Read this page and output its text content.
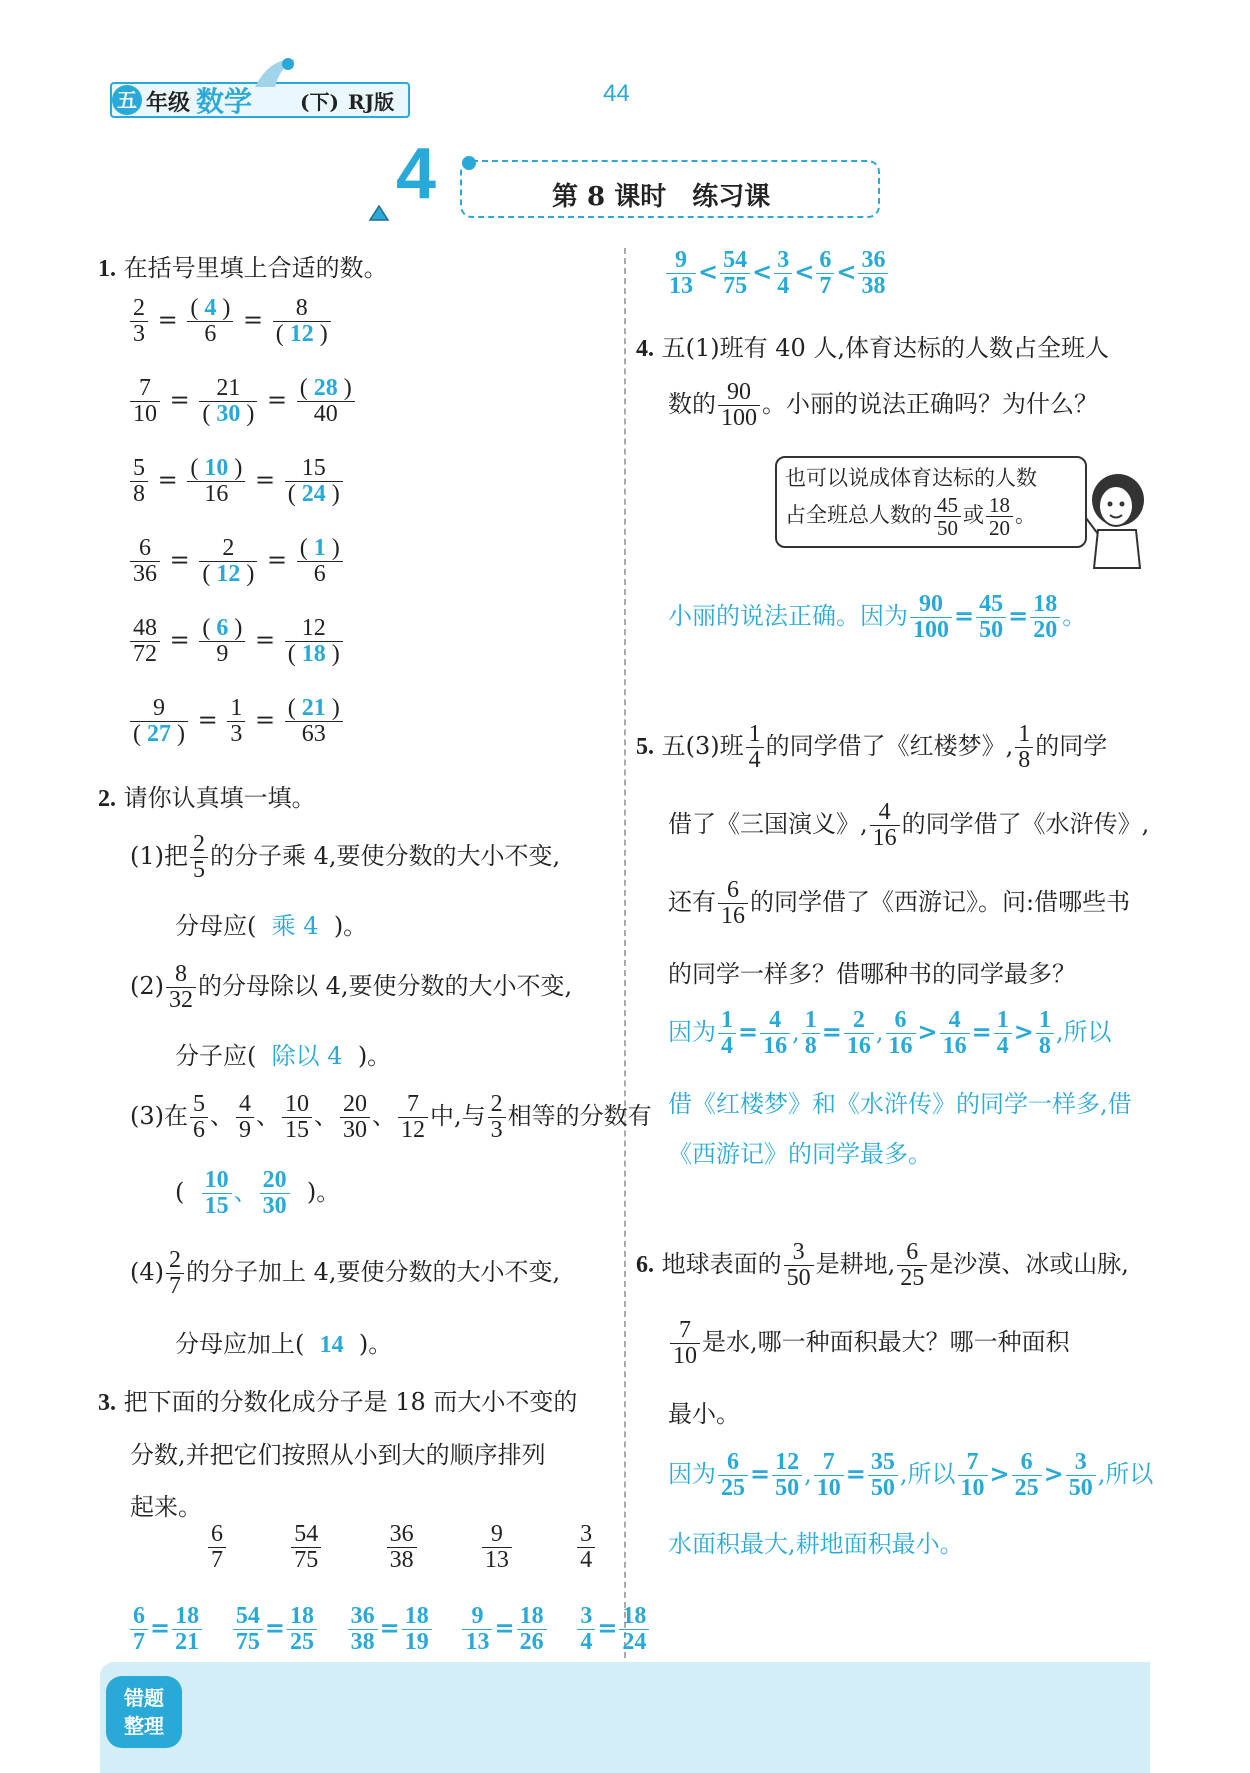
五 年级 数学 (下) RJ版	44
4	第 8 课时　练习课
1. 在括号里填上合适的数。
$\frac{2}{3} = \frac{( 4 )}{6} = \frac{8}{( 12 )}$
$\frac{7}{10} = \frac{21}{( 30 )} = \frac{( 28 )}{40}$
$\frac{5}{8} = \frac{( 10 )}{16} = \frac{15}{( 24 )}$
$\frac{6}{36} = \frac{2}{( 12 )} = \frac{( 1 )}{6}$
$\frac{48}{72} = \frac{( 6 )}{9} = \frac{12}{( 18 )}$
$\frac{9}{( 27 )} = \frac{1}{3} = \frac{( 21 )}{63}$
2. 请你认真填一填。
(1)把 $\frac{2}{5}$ 的分子乘 4,要使分数的大小不变,
分母应( 乘 4 )。
$(2) \frac{8}{32}$ 的分母除以 4,要使分数的大小不变,
分子应( 除以 4 )。
(3)在 $\frac{5}{6}$ 、 $\frac{4}{9}$ 、 $\frac{10}{15}$ 、 $\frac{20}{30}$ 、 $\frac{7}{12}$ 中,与 $\frac{2}{3}$ 相等的分数有
( $\frac{10}{15}$ 、 $\frac{20}{30}$ )。
$(4) \frac{2}{7}$ 的分子加上 4,要使分数的大小不变,
分母应加上( 14 )。
3. 把下面的分数化成分子是 18 而大小不变的
分数,并把它们按照从小到大的顺序排列
起来。
$\frac{6}{7}$
	$\frac{54}{75}$
	$\frac{36}{38}$
	$\frac{9}{13}$
	$\frac{3}{4}$
$\frac{6}{7} = \frac{18}{21}$
$\frac{54}{75} = \frac{18}{25}$
$\frac{36}{38} = \frac{18}{19}$
$\frac{9}{13} = \frac{18}{26}$
$\frac{3}{4} = \frac{18}{24}$
$\frac{9}{13} < \frac{54}{75} < \frac{3}{4} < \frac{6}{7} < \frac{36}{38}$
4. 五(1)班有 40 人,体育达标的人数占全班人
数的 $\frac{90}{100}$ 。小丽的说法正确吗？为什么？
也可以说成体育达标的人数
占全班总人数的 $\frac{45}{50}$ 或 $\frac{18}{20}$ 。
小丽的说法正确。因为 $\frac{90}{100} = \frac{45}{50} = \frac{18}{20}$ 。
5. 五(3)班 $\frac{1}{4}$ 的同学借了《红楼梦》, $\frac{1}{8}$ 的同学
借了《三国演义》, $\frac{4}{16}$ 的同学借了《水浒传》,
还有 $\frac{6}{16}$ 的同学借了《西游记》。问:借哪些书
的同学一样多？借哪种书的同学最多？
因为 $\frac{1}{4} = \frac{4}{16}$ , $\frac{1}{8} = \frac{2}{16}$ , $\frac{6}{16} > \frac{4}{16} = \frac{1}{4} > \frac{1}{8}$ ,所以
借《红楼梦》和《水浒传》的同学一样多,借
《西游记》的同学最多。
6. 地球表面的 $\frac{3}{50}$ 是耕地, $\frac{6}{25}$ 是沙漠、冰或山脉,
$\frac{7}{10}$ 是水,哪一种面积最大？哪一种面积
最小。
因为 $\frac{6}{25} = \frac{12}{50}$ , $\frac{7}{10} = \frac{35}{50}$ ,所以 $\frac{7}{10} > \frac{6}{25} > \frac{3}{50}$ ,所以
水面积最大,耕地面积最小。
错题
整理
